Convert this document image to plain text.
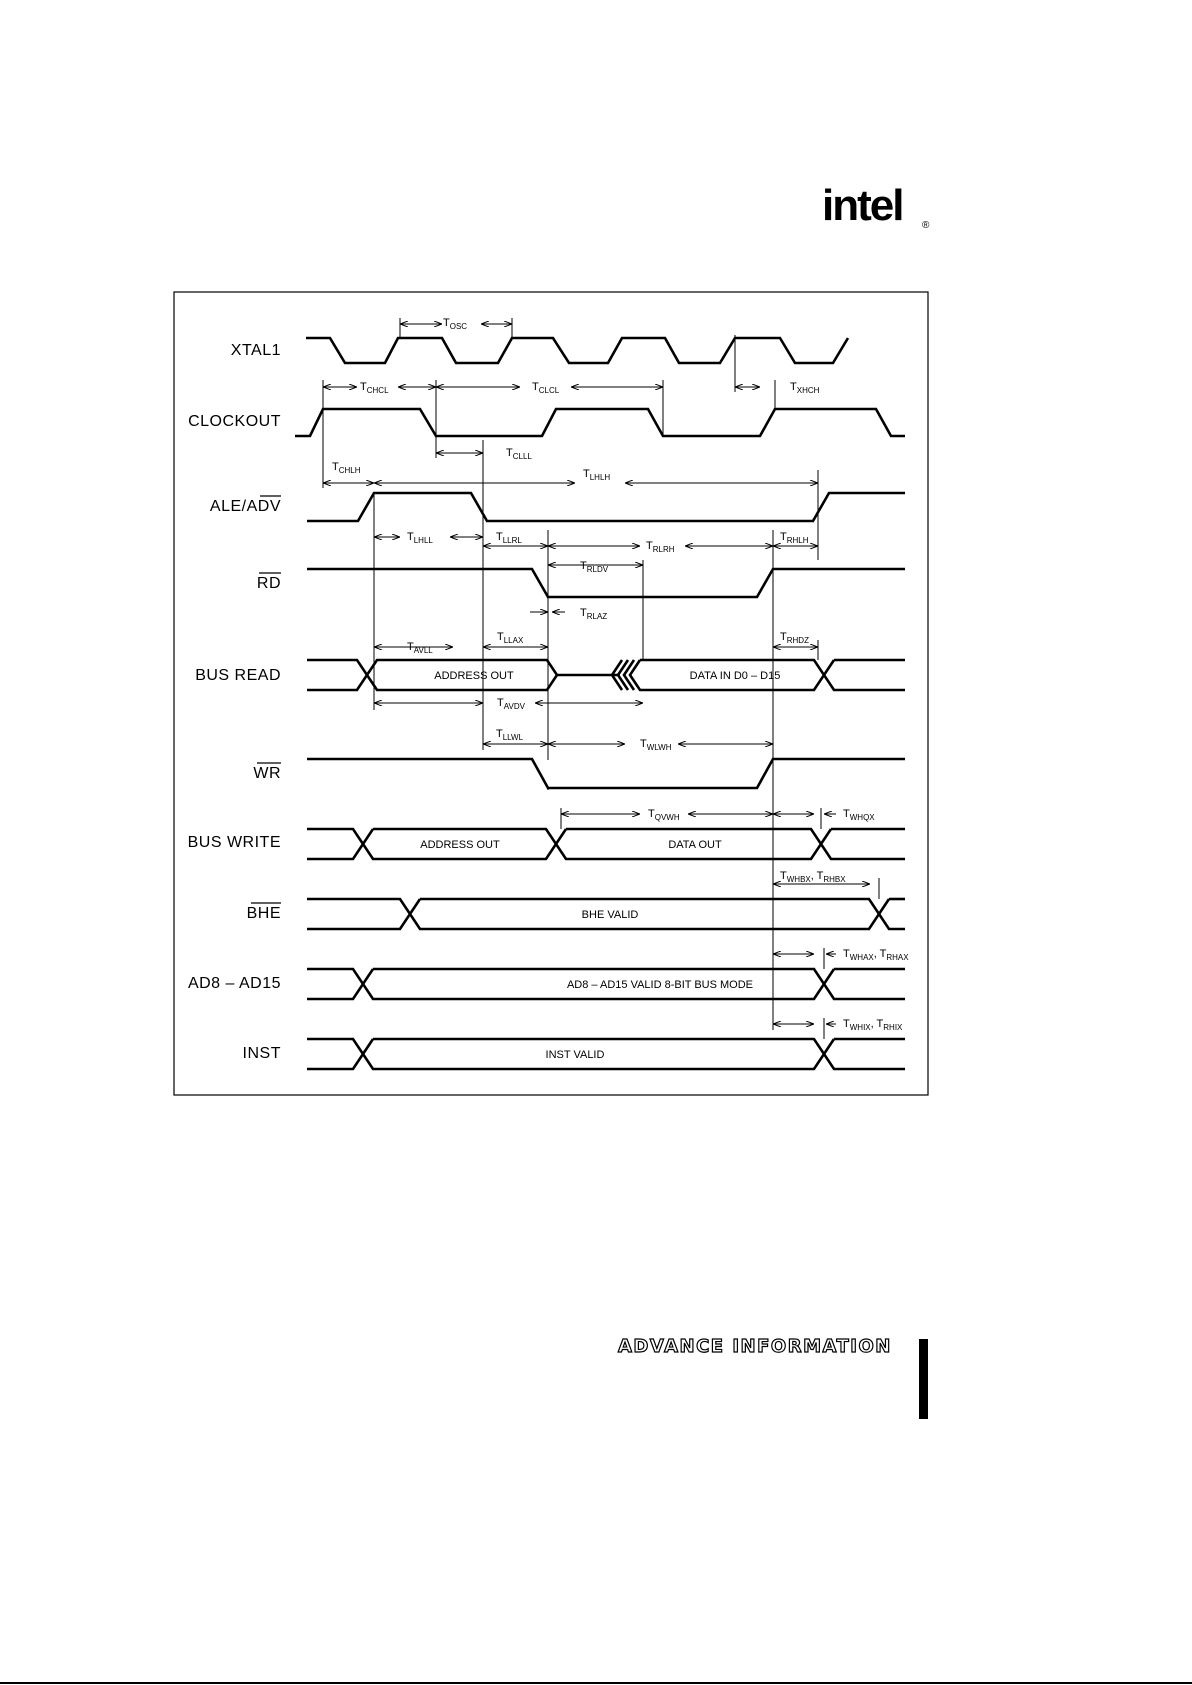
intel ®
XTAL1
CLOCKOUT
ALE/ADV
RD
BUS READ
WR
BUS WRITE
BHE
AD8 – AD15
INST
ADDRESS OUT	DATA IN D0 – D15
ADDRESS OUT	DATA OUT
BHE VALID
AD8 – AD15 VALID 8-BIT BUS MODE
INST VALID
$T_{OSC}$
$T_{CHCL}$	$T_{CLCL}$	$T_{XHCH}$
$T_{CLLL}$
$T_{CHLH}$	$T_{LHLH}$
$T_{LHLL}$	$T_{LLRL}$	$T_{RLRH}$
$T_{RHLH}$
$T_{RLDV}$
$T_{RLAZ}$
$T_{AVLL}$
$T_{LLAX}$	$T_{RHDZ}$
$T_{AVDV}$
$T_{LLWL}$
$T_{WLWH}$
$T_{QVWH}$	$T_{WHQX}$
$T_{WHBX}$, $T_{RHBX}$
$T_{WHAX}$, $T_{RHAX}$
$T_{WHIX}$, $T_{RHIX}$
ADVANCE INFORMATION
